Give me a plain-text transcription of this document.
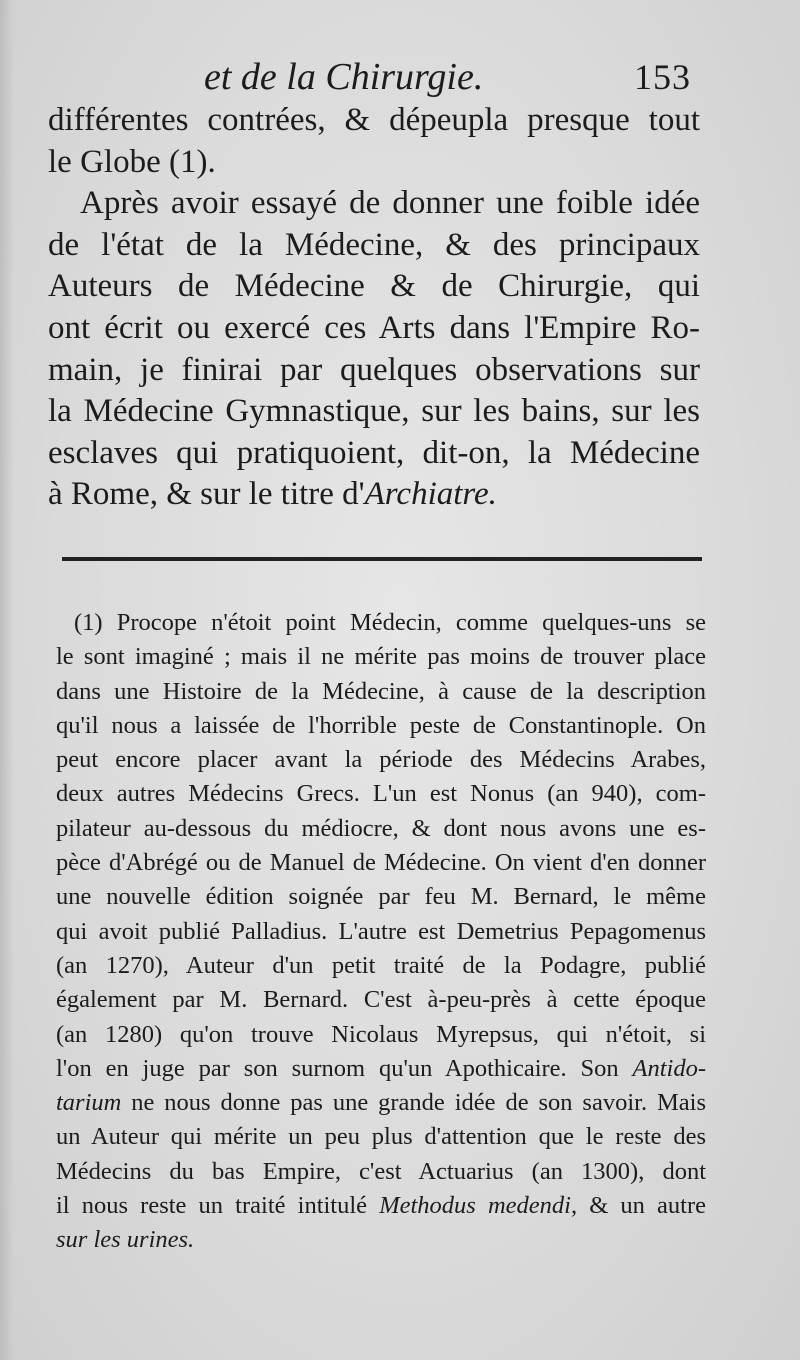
et de la Chirurgie.	153
différentes contrées, & dépeupla presque tout
le Globe (1).
Après avoir essayé de donner une foible idée
de l'état de la Médecine, & des principaux
Auteurs de Médecine & de Chirurgie, qui
ont écrit ou exercé ces Arts dans l'Empire Ro-
main, je finirai par quelques observations sur
la Médecine Gymnastique, sur les bains, sur les
esclaves qui pratiquoient, dit-on, la Médecine
à Rome, & sur le titre d'Archiatre.
(1) Procope n'étoit point Médecin, comme quelques-uns se
le sont imaginé ; mais il ne mérite pas moins de trouver place
dans une Histoire de la Médecine, à cause de la description
qu'il nous a laissée de l'horrible peste de Constantinople. On
peut encore placer avant la période des Médecins Arabes,
deux autres Médecins Grecs. L'un est Nonus (an 940), com-
pilateur au-dessous du médiocre, & dont nous avons une es-
pèce d'Abrégé ou de Manuel de Médecine. On vient d'en donner
une nouvelle édition soignée par feu M. Bernard, le même
qui avoit publié Palladius. L'autre est Demetrius Pepagomenus
(an 1270), Auteur d'un petit traité de la Podagre, publié
également par M. Bernard. C'est à-peu-près à cette époque
(an 1280) qu'on trouve Nicolaus Myrepsus, qui n'étoit, si
l'on en juge par son surnom qu'un Apothicaire. Son Antido-
tarium ne nous donne pas une grande idée de son savoir. Mais
un Auteur qui mérite un peu plus d'attention que le reste des
Médecins du bas Empire, c'est Actuarius (an 1300), dont
il nous reste un traité intitulé Methodus medendi, & un autre
sur les urines.
